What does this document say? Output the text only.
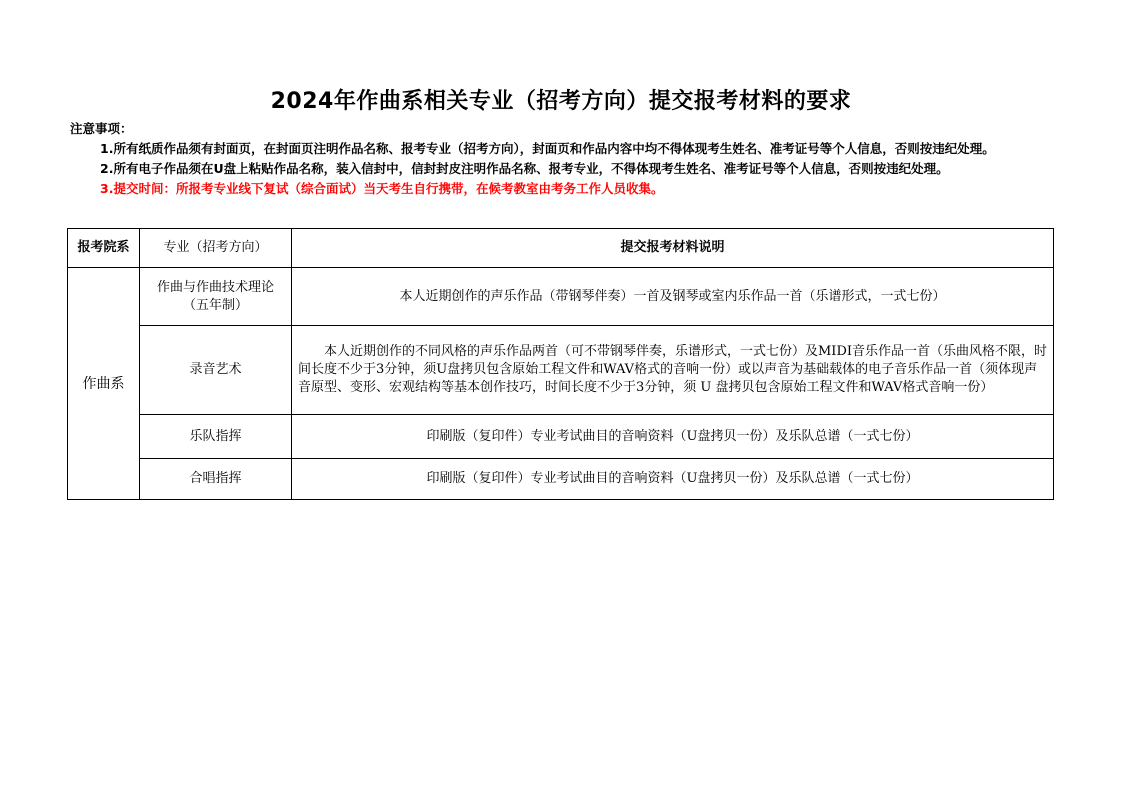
2024年作曲系相关专业（招考方向）提交报考材料的要求
注意事项：
1.所有纸质作品须有封面页，在封面页注明作品名称、报考专业（招考方向），封面页和作品内容中均不得体现考生姓名、准考证号等个人信息，否则按违纪处理。
2.所有电子作品须在U盘上粘贴作品名称，装入信封中，信封封皮注明作品名称、报考专业，不得体现考生姓名、准考证号等个人信息，否则按违纪处理。
3.提交时间：所报考专业线下复试（综合面试）当天考生自行携带，在候考教室由考务工作人员收集。
报考院系	专业（招考方向）	提交报考材料说明
作曲系	作曲与作曲技术理论（五年制）	本人近期创作的声乐作品（带钢琴伴奏）一首及钢琴或室内乐作品一首（乐谱形式，一式七份）
	录音艺术	本人近期创作的不同风格的声乐作品两首（可不带钢琴伴奏，乐谱形式，一式七份）及MIDI音乐作品一首（乐曲风格不限，时间长度不少于3分钟，须U盘拷贝包含原始工程文件和WAV格式的音响一份）或以声音为基础载体的电子音乐作品一首（须体现声音原型、变形、宏观结构等基本创作技巧，时间长度不少于3分钟，须 U 盘拷贝包含原始工程文件和WAV格式音响一份）
	乐队指挥	印刷版（复印件）专业考试曲目的音响资料（U盘拷贝一份）及乐队总谱（一式七份）
	合唱指挥	印刷版（复印件）专业考试曲目的音响资料（U盘拷贝一份）及乐队总谱（一式七份）
